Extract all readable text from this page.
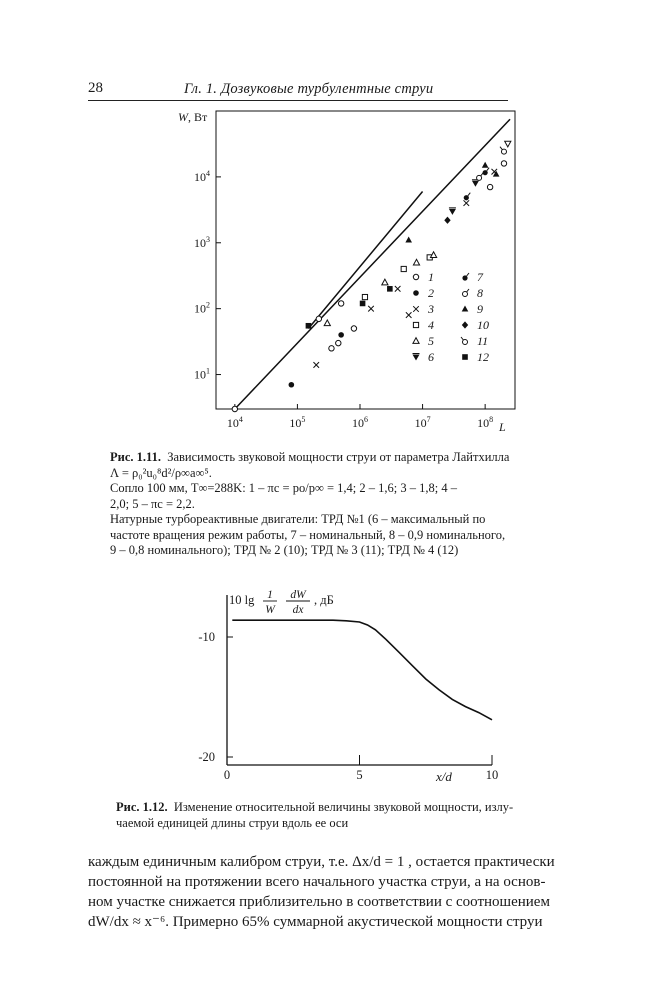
28	Гл. 1. Дозвуковые турбулентные струи
$10^4$	$10^5$	$10^6$	$10^7$	$10^8$
$10^1$
$10^2$
$10^3$
$10^4$
L
W, Вт
1
2
3
4
5
6
7
8
9
10
11
12
0	5	10
-10
-20
x/d
10 lg 1
W
dW
dx
, дБ
Рис. 1.11. Зависимость звуковой мощности струи от параметра Лайтхилла
Λ = ρ₀²u₀⁸d²/ρ∞a∞⁵.
Сопло 100 мм, T∞=288K: 1 – πc = po/p∞ = 1,4; 2 – 1,6; 3 – 1,8; 4 –
2,0; 5 – πc = 2,2.
Натурные турбореактивные двигатели: ТРД №1 (6 – максимальный по
частоте вращения режим работы, 7 – номинальный, 8 – 0,9 номинального,
9 – 0,8 номинального); ТРД № 2 (10); ТРД № 3 (11); ТРД № 4 (12)
Рис. 1.12. Изменение относительной величины звуковой мощности, излу-
чаемой единицей длины струи вдоль ее оси
каждым единичным калибром струи, т.е. Δx/d = 1 , остается практически
постоянной на протяжении всего начального участка струи, а на основ-
ном участке снижается приблизительно в соответствии с соотношением
dW/dx ≈ x⁻⁶. Примерно 65% суммарной акустической мощности струи
